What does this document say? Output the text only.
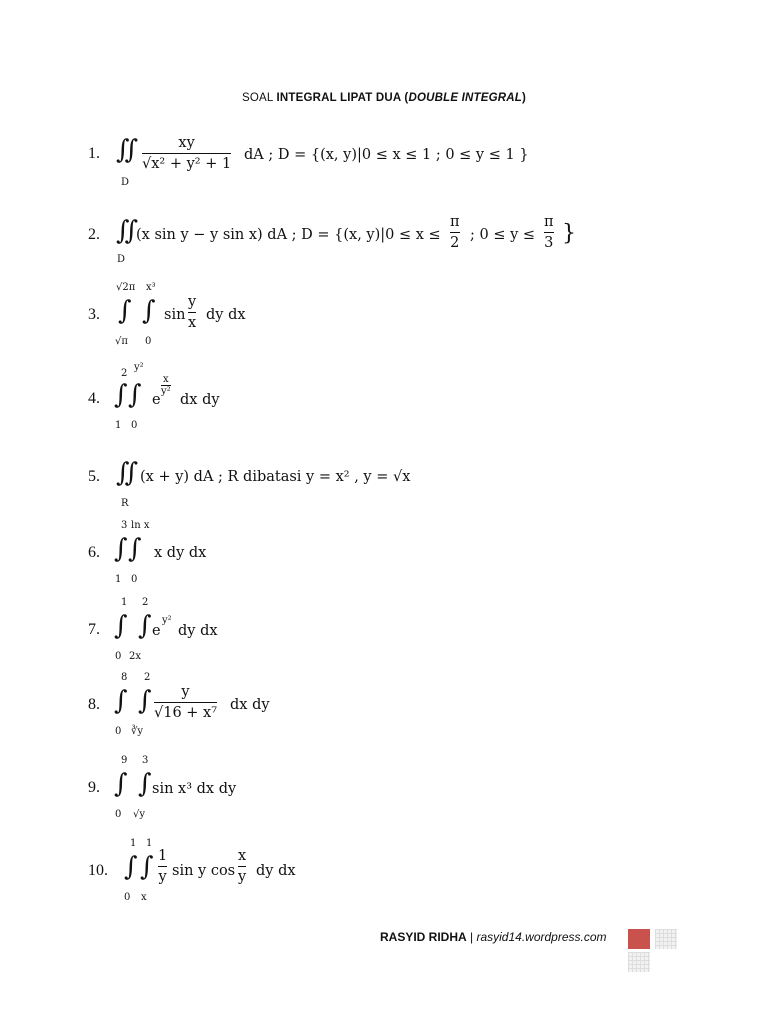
SOAL INTEGRAL LIPAT DUA (DOUBLE INTEGRAL)
1. ∬
D
xy
√x² + y² + 1
dA ; D = {(x, y)|0 ≤ x ≤ 1 ; 0 ≤ y ≤ 1 }
2. ∬
D
(x sin y − y sin x) dA ; D = {(x, y)|0 ≤ x ≤
π
2 ; 0 ≤ y ≤
π
3 }
√2π x³
3. ∫ ∫
√π 0
sin
y
x dy dx
2
y²
4. ∫ ∫
1 0
e
x
y²
dx dy
5. ∬
R
(x + y) dA ; R dibatasi y = x² , y = √x
3 ln x
6. ∫ ∫
1 0
x dy dx
1 2
7. ∫ ∫
0 2x
e
y²
dy dx
8 2
8. ∫ ∫
0 ∛y
y
√16 + x⁷ dx dy
9 3
9. ∫ ∫
0 √y
sin x³ dx dy
1 1
10. ∫ ∫
0 x
1
y sin y cos
x
y dy dx
RASYID RIDHA | rasyid14.wordpress.com
